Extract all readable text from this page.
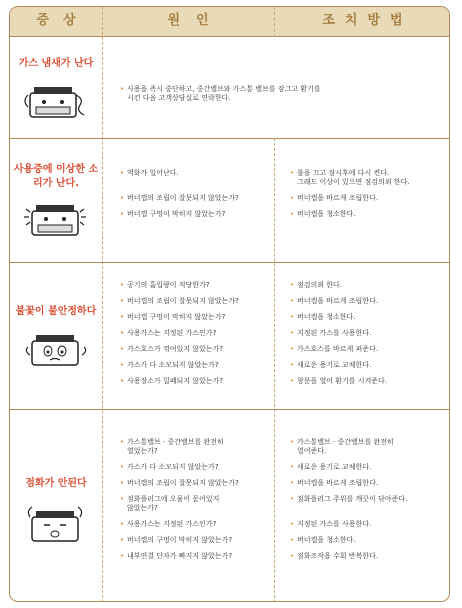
증상	원인	조치방법
가스 냄새가 난다
• 사용을 즉시 중단하고, 중간밸브와 가스통 밸브를 잠그고 환기를
시킨 다음 고객상담실로 연락한다.
사용중에 이상한 소리가 난다.
• 역화가 일어난다.
• 버너캡의 조립이 잘못되지 않았는가?
• 버너캡 구멍이 막히지 않았는가?
• 불을 끄고 잠시후에 다시 켠다.
그래도 이상이 있으면 점검의뢰 한다.
• 버너캡을 바르게 조립한다.
• 버너캡을 청소한다.
불꽃이 불안정하다
• 공기의 흡입량이 적당한가?
• 버너캡의 조립이 잘못되지 않았는가?
• 버너캡 구멍이 막히지 않았는가?
• 사용가스는 지정된 가스인가?
• 가스호스가 꺾여있지 않았는가?
• 가스가 다 소모되지 않았는가?
• 사용장소가 밀폐되지 않았는가?
• 점검의뢰 한다.
• 버너캡을 바르게 조립한다.
• 버너캡을 청소한다.
• 지정된 가스를 사용한다.
• 가스호스를 바르게 펴준다.
• 새로운 용기로 교체한다.
• 창문을 열어 환기를 시켜준다.
점화가 안된다
• 가스통밸브 · 중간밸브를 완전히
열었는가?
• 가스가 다 소모되지 않았는가?
• 버너캡의 조립이 잘못되지 않았는가?
• 점화플러그에 오물이 묻어있지
않았는가?
• 사용가스는 지정된 가스인가?
• 버너캡의 구멍이 막히지 않았는가?
• 내부연결 단자가 빠지지 않았는가?
• 가스통밸브 · 중간밸브를 완전히
열어준다.
• 새로운 용기로 교체한다.
• 버너캡을 바르게 조립한다.
• 점화플러그 주위를 깨끗이 닦아준다.
• 지정된 가스를 사용한다.
• 버너캡을 청소한다.
• 점화조작을 수회 반복한다.
